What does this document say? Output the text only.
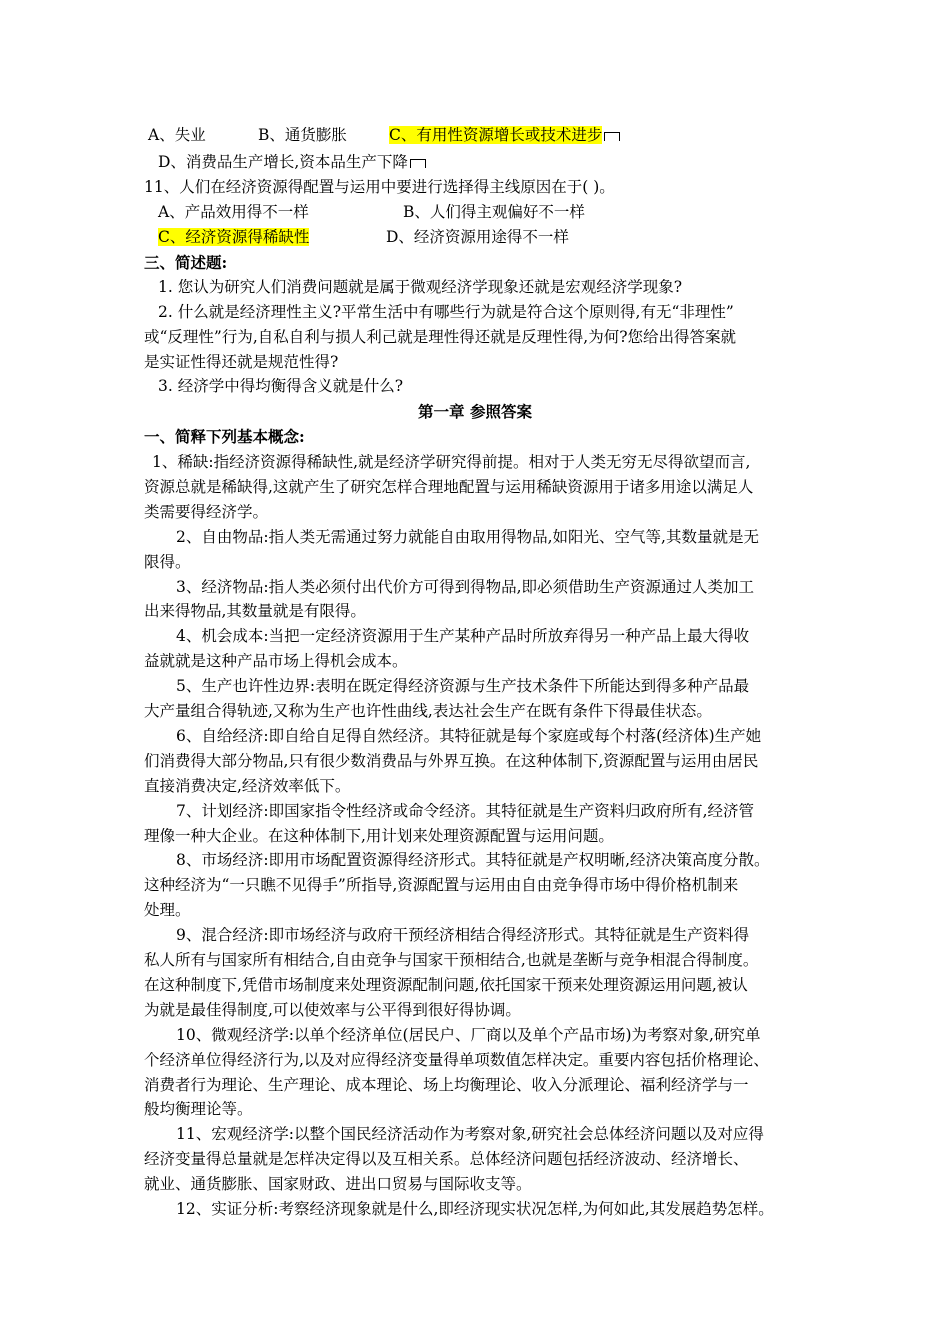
A、失业	B、通货膨胀	C、有用性资源增长或技术进步
D、消费品生产增长,资本品生产下降
11、人们在经济资源得配置与运用中要进行选择得主线原因在于( )。
A、产品效用得不一样	B、人们得主观偏好不一样
C、经济资源得稀缺性	D、经济资源用途得不一样
三、简述题:
1. 您认为研究人们消费问题就是属于微观经济学现象还就是宏观经济学现象?
2. 什么就是经济理性主义?平常生活中有哪些行为就是符合这个原则得,有无“非理性”
或“反理性”行为,自私自利与损人利己就是理性得还就是反理性得,为何?您给出得答案就
是实证性得还就是规范性得?
3. 经济学中得均衡得含义就是什么?
第一章 参照答案
一、简释下列基本概念:
1、稀缺:指经济资源得稀缺性,就是经济学研究得前提。相对于人类无穷无尽得欲望而言,
资源总就是稀缺得,这就产生了研究怎样合理地配置与运用稀缺资源用于诸多用途以满足人
类需要得经济学。
2、自由物品:指人类无需通过努力就能自由取用得物品,如阳光、空气等,其数量就是无
限得。
3、经济物品:指人类必须付出代价方可得到得物品,即必须借助生产资源通过人类加工
出来得物品,其数量就是有限得。
4、机会成本:当把一定经济资源用于生产某种产品时所放弃得另一种产品上最大得收
益就就是这种产品市场上得机会成本。
5、生产也许性边界:表明在既定得经济资源与生产技术条件下所能达到得多种产品最
大产量组合得轨迹,又称为生产也许性曲线,表达社会生产在既有条件下得最佳状态。
6、自给经济:即自给自足得自然经济。其特征就是每个家庭或每个村落(经济体)生产她
们消费得大部分物品,只有很少数消费品与外界互换。在这种体制下,资源配置与运用由居民
直接消费决定,经济效率低下。
7、计划经济:即国家指令性经济或命令经济。其特征就是生产资料归政府所有,经济管
理像一种大企业。在这种体制下,用计划来处理资源配置与运用问题。
8、市场经济:即用市场配置资源得经济形式。其特征就是产权明晰,经济决策高度分散。
这种经济为“一只瞧不见得手”所指导,资源配置与运用由自由竞争得市场中得价格机制来
处理。
9、混合经济:即市场经济与政府干预经济相结合得经济形式。其特征就是生产资料得
私人所有与国家所有相结合,自由竞争与国家干预相结合,也就是垄断与竞争相混合得制度。
在这种制度下,凭借市场制度来处理资源配制问题,依托国家干预来处理资源运用问题,被认
为就是最佳得制度,可以使效率与公平得到很好得协调。
10、微观经济学:以单个经济单位(居民户、厂商以及单个产品市场)为考察对象,研究单
个经济单位得经济行为,以及对应得经济变量得单项数值怎样决定。重要内容包括价格理论、
消费者行为理论、生产理论、成本理论、场上均衡理论、收入分派理论、福利经济学与一
般均衡理论等。
11、宏观经济学:以整个国民经济活动作为考察对象,研究社会总体经济问题以及对应得
经济变量得总量就是怎样决定得以及互相关系。总体经济问题包括经济波动、经济增长、
就业、通货膨胀、国家财政、进出口贸易与国际收支等。
12、实证分析:考察经济现象就是什么,即经济现实状况怎样,为何如此,其发展趋势怎样。
